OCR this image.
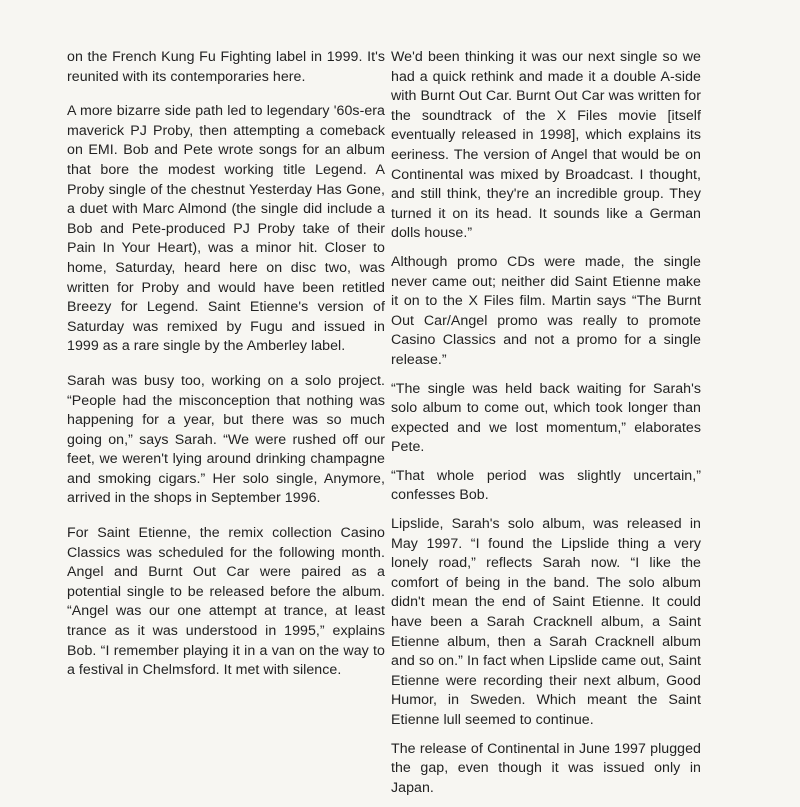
on the French Kung Fu Fighting label in 1999. It's reunited with its contemporaries here.

A more bizarre side path led to legendary '60s-era maverick PJ Proby, then attempting a comeback on EMI. Bob and Pete wrote songs for an album that bore the modest working title Legend. A Proby single of the chestnut Yesterday Has Gone, a duet with Marc Almond (the single did include a Bob and Pete-produced PJ Proby take of their Pain In Your Heart), was a minor hit. Closer to home, Saturday, heard here on disc two, was written for Proby and would have been retitled Breezy for Legend. Saint Etienne's version of Saturday was remixed by Fugu and issued in 1999 as a rare single by the Amberley label.

Sarah was busy too, working on a solo project. “People had the misconception that nothing was happening for a year, but there was so much going on,” says Sarah. “We were rushed off our feet, we weren't lying around drinking champagne and smoking cigars.” Her solo single, Anymore, arrived in the shops in September 1996.

For Saint Etienne, the remix collection Casino Classics was scheduled for the following month. Angel and Burnt Out Car were paired as a potential single to be released before the album. “Angel was our one attempt at trance, at least trance as it was understood in 1995,” explains Bob. “I remember playing it in a van on the way to a festival in Chelmsford. It met with silence.

We'd been thinking it was our next single so we had a quick rethink and made it a double A-side with Burnt Out Car. Burnt Out Car was written for the soundtrack of the X Files movie [itself eventually released in 1998], which explains its eeriness. The version of Angel that would be on Continental was mixed by Broadcast. I thought, and still think, they're an incredible group. They turned it on its head. It sounds like a German dolls house.”

Although promo CDs were made, the single never came out; neither did Saint Etienne make it on to the X Files film. Martin says “The Burnt Out Car/Angel promo was really to promote Casino Classics and not a promo for a single release.”

“The single was held back waiting for Sarah's solo album to come out, which took longer than expected and we lost momentum,” elaborates Pete.

“That whole period was slightly uncertain,” confesses Bob.

Lipslide, Sarah's solo album, was released in May 1997. “I found the Lipslide thing a very lonely road,” reflects Sarah now. “I like the comfort of being in the band. The solo album didn't mean the end of Saint Etienne. It could have been a Sarah Cracknell album, a Saint Etienne album, then a Sarah Cracknell album and so on.” In fact when Lipslide came out, Saint Etienne were recording their next album, Good Humor, in Sweden. Which meant the Saint Etienne lull seemed to continue.

The release of Continental in June 1997 plugged the gap, even though it was issued only in Japan.
